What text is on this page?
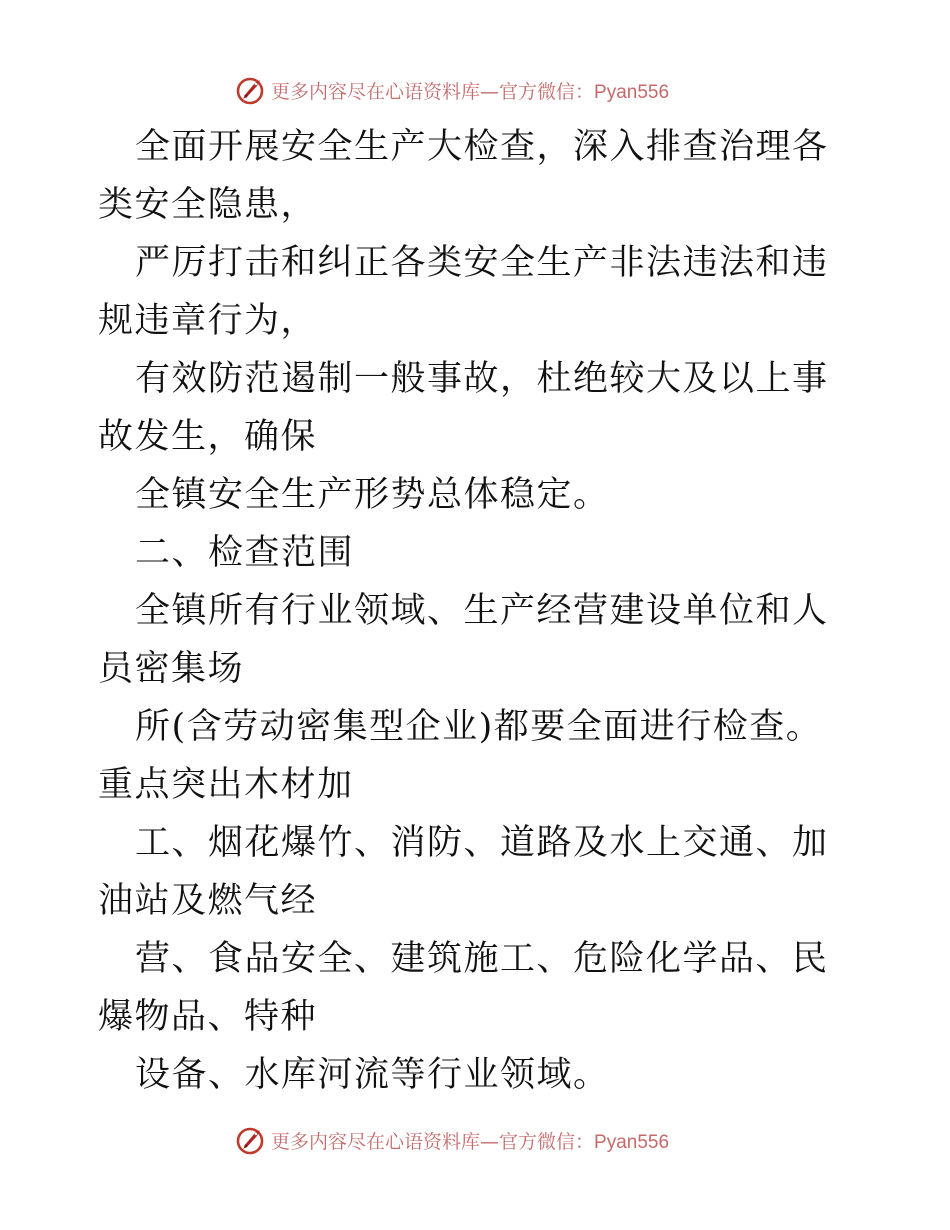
更多内容尽在心语资料库—官方微信：Pyan556

全面开展安全生产大检查，深入排查治理各类安全隐患，

严厉打击和纠正各类安全生产非法违法和违规违章行为，

有效防范遏制一般事故，杜绝较大及以上事故发生，确保

全镇安全生产形势总体稳定。

二、检查范围

全镇所有行业领域、生产经营建设单位和人员密集场

所(含劳动密集型企业)都要全面进行检查。重点突出木材加

工、烟花爆竹、消防、道路及水上交通、加油站及燃气经

营、食品安全、建筑施工、危险化学品、民爆物品、特种

设备、水库河流等行业领域。

更多内容尽在心语资料库—官方微信：Pyan556
